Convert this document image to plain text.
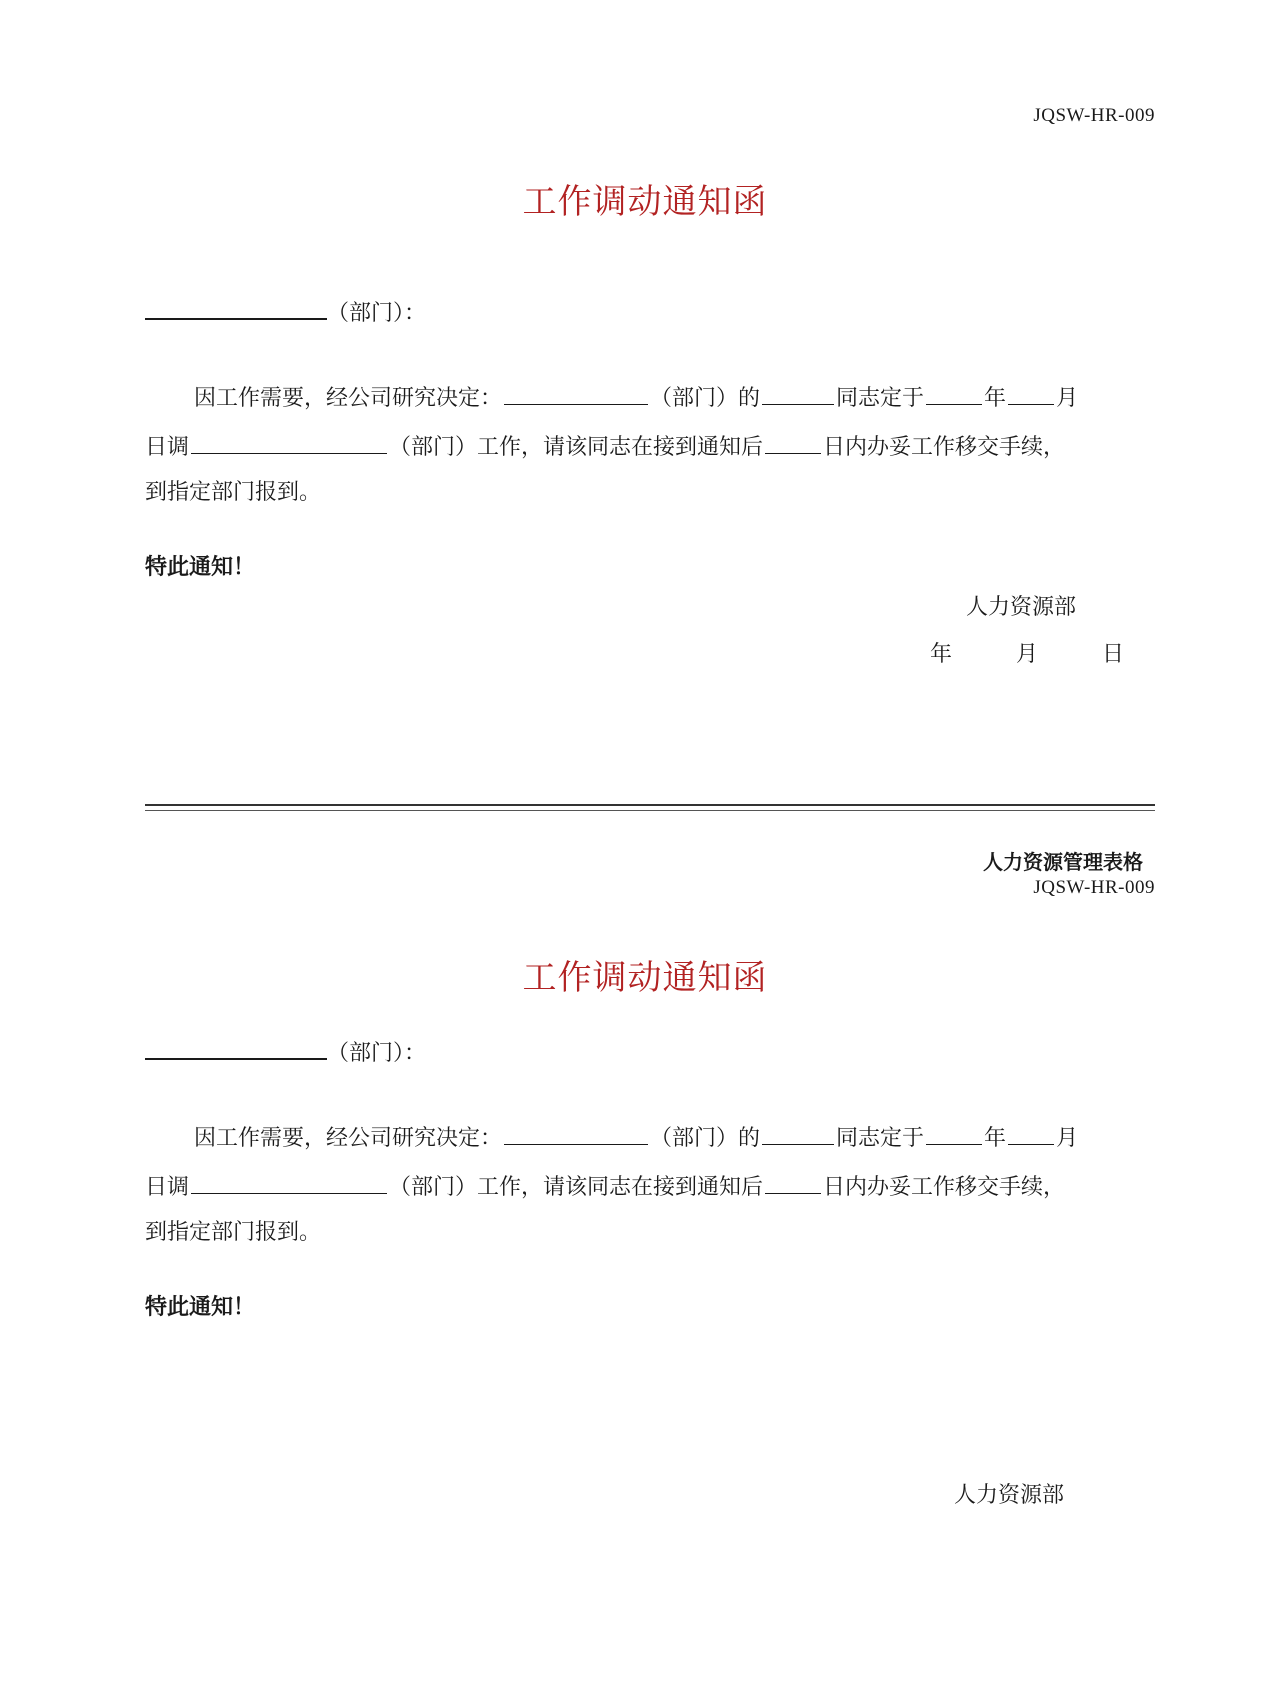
JQSW-HR-009
工作调动通知函
（部门）：
因工作需要，经公司研究决定：	（部门）的	同志定于	年 月
日调	（部门）工作，请该同志在接到通知后	日内办妥工作移交手续，
到指定部门报到。
特此通知！
人力资源部
年	月	日
人力资源管理表格
JQSW-HR-009
工作调动通知函
（部门）：
因工作需要，经公司研究决定：	（部门）的	同志定于	年 月
日调	（部门）工作，请该同志在接到通知后	日内办妥工作移交手续，
到指定部门报到。
特此通知！
人力资源部
